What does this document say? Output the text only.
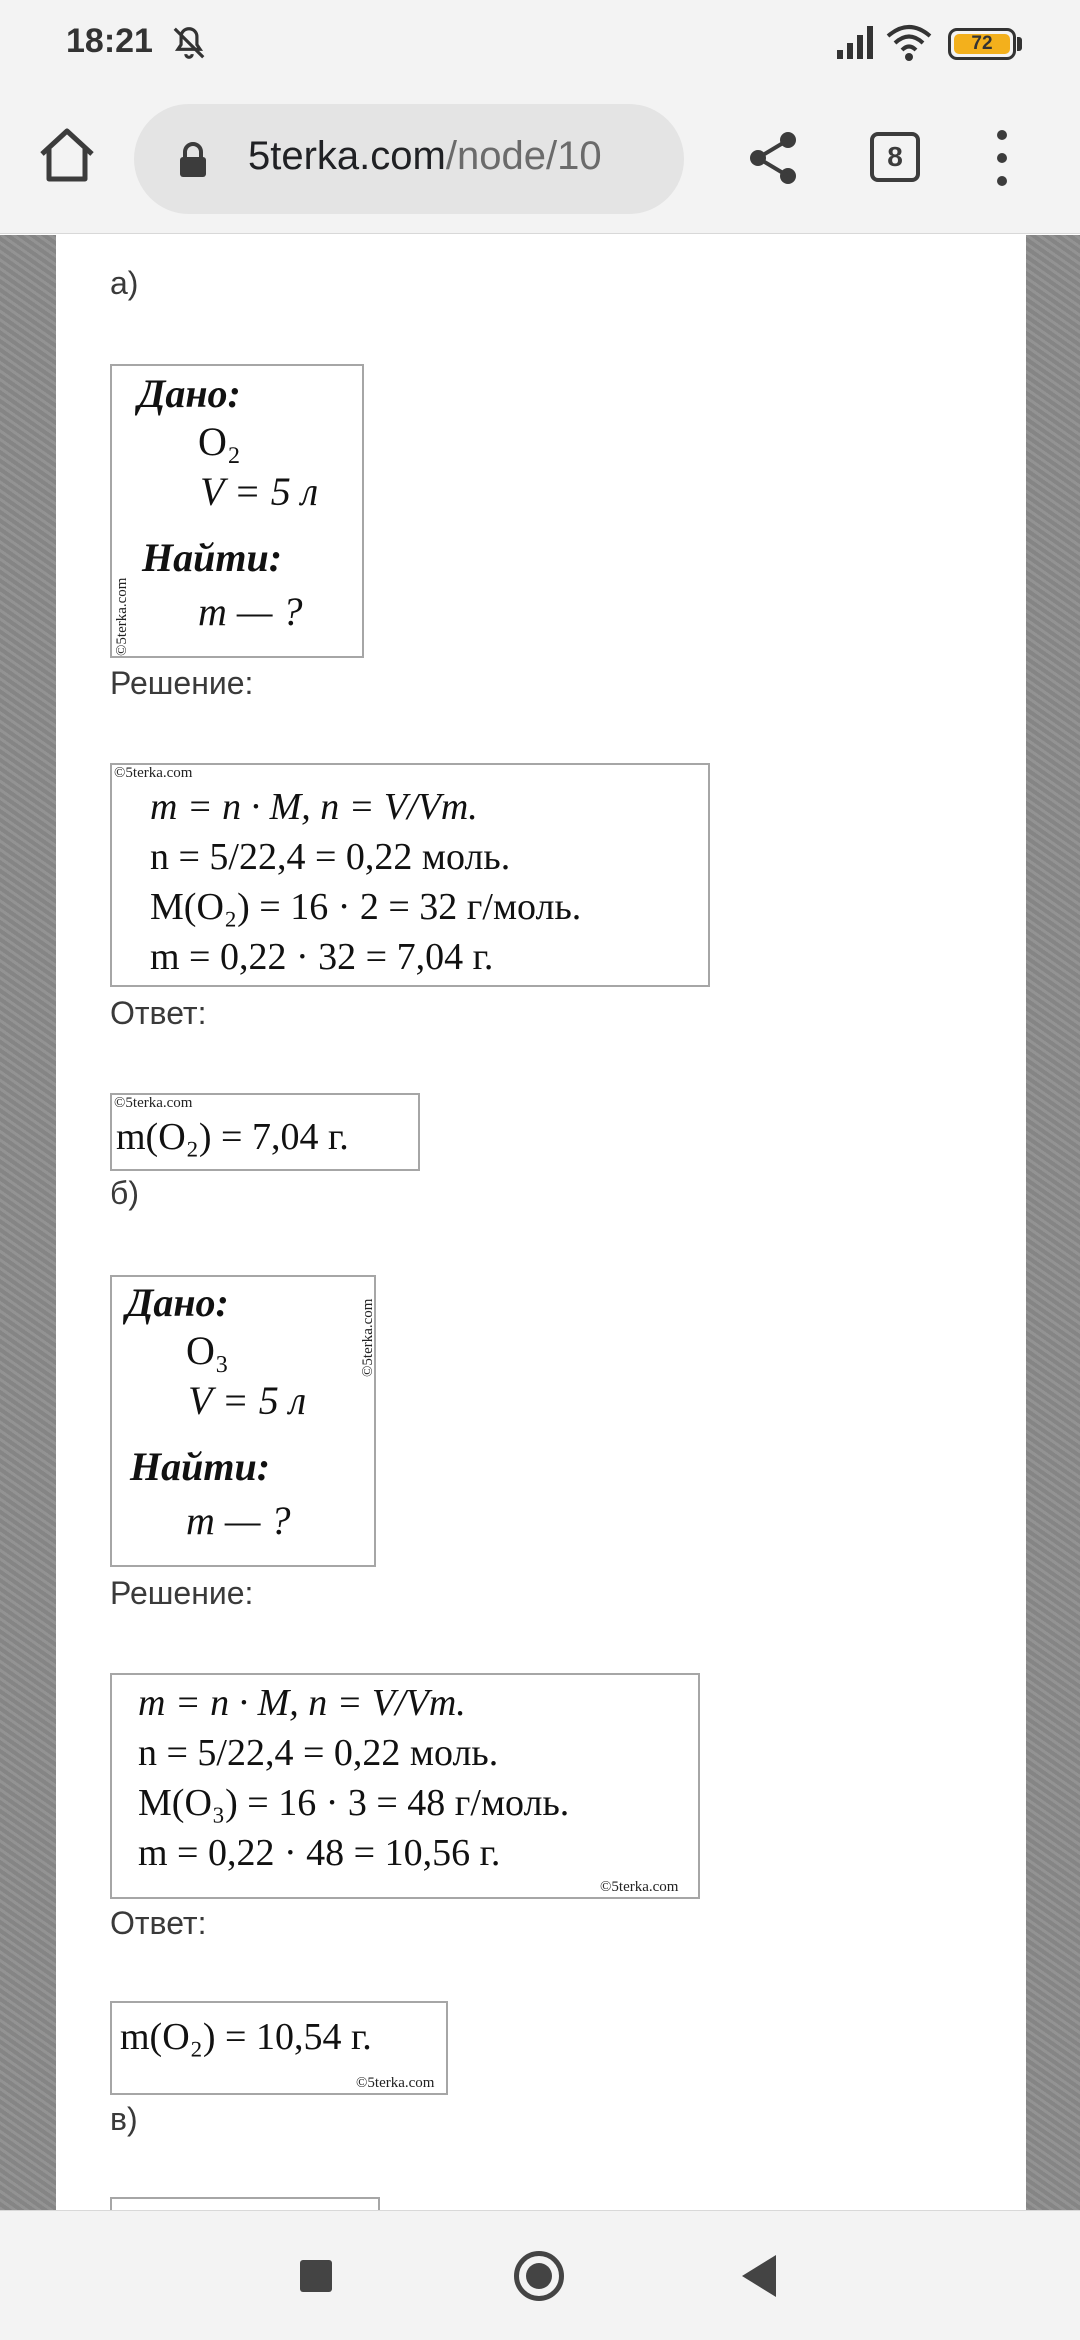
18:21	72
5terka.com/node/10	8
а)
Дано:
O₂
V = 5 л
Найти:
m — ?
©5terka.com
Решение:
©5terka.com
m = n · M, n = V/Vm.
n = 5/22,4 = 0,22 моль.
M(O₂) = 16 · 2 = 32 г/моль.
m = 0,22 · 32 = 7,04 г.
Ответ:
©5terka.com
m(O₂) = 7,04 г.
б)
Дано:
O₃
V = 5 л
Найти:
m — ?
©5terka.com
Решение:
m = n · M, n = V/Vm.
n = 5/22,4 = 0,22 моль.
M(O₃) = 16 · 3 = 48 г/моль.
m = 0,22 · 48 = 10,56 г.
©5terka.com
Ответ:
m(O₂) = 10,54 г.
©5terka.com
в)
